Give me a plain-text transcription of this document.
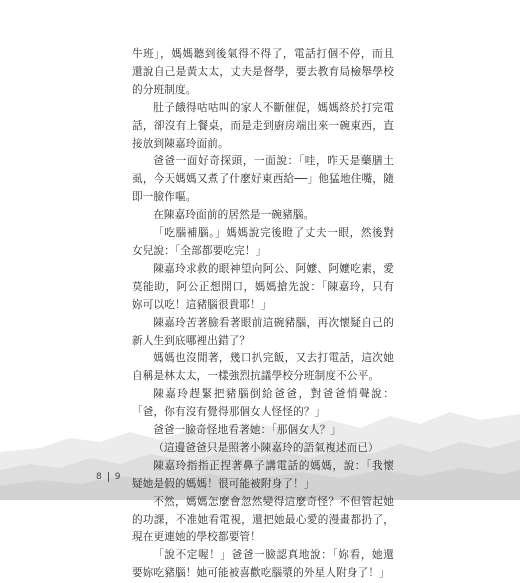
牛班」，媽媽聽到後氣得不得了，電話打個不停，而且還說自己是黃太太，丈夫是督學，要去教育局檢舉學校的分班制度。

肚子餓得咕咕叫的家人不斷催促，媽媽終於打完電話，卻沒有上餐桌，而是走到廚房端出來一碗東西，直接放到陳嘉玲面前。

爸爸一面好奇探頭，一面說：「哇，昨天是藥膳土虱，今天媽媽又煮了什麼好東西給──」他猛地住嘴，隨即一臉作嘔。

在陳嘉玲面前的居然是一碗豬腦。

「吃腦補腦。」媽媽說完後瞪了丈夫一眼，然後對女兒說：「全部都要吃完！」

陳嘉玲求救的眼神望向阿公、阿嬤、阿嬤吃素，愛莫能助，阿公正想開口，媽媽搶先說：「陳嘉玲，只有妳可以吃！這豬腦很貴耶！」

陳嘉玲苦著臉看著眼前這碗豬腦，再次懷疑自己的新人生到底哪裡出錯了？

媽媽也沒閒著，幾口扒完飯，又去打電話，這次她自稱是林太太，一樣強烈抗議學校分班制度不公平。

陳嘉玲趕緊把豬腦倒給爸爸，對爸爸悄聲說：「爸，你有沒有覺得那個女人怪怪的？」

爸爸一臉奇怪地看著她：「那個女人？」

（這邊爸爸只是照著小陳嘉玲的語氣複述而已）

陳嘉玲指指正捏著鼻子講電話的媽媽，說：「我懷疑她是假的媽媽！很可能被附身了！」

不然，媽媽怎麼會忽然變得這麼奇怪？不但管起她的功課，不准她看電視，還把她最心愛的漫畫都扔了，現在更連她的學校都要管！

「說不定喔！」爸爸一臉認真地說：「妳看，她還要妳吃豬腦！她可能被喜歡吃腦漿的外星人附身了！」

8 9
